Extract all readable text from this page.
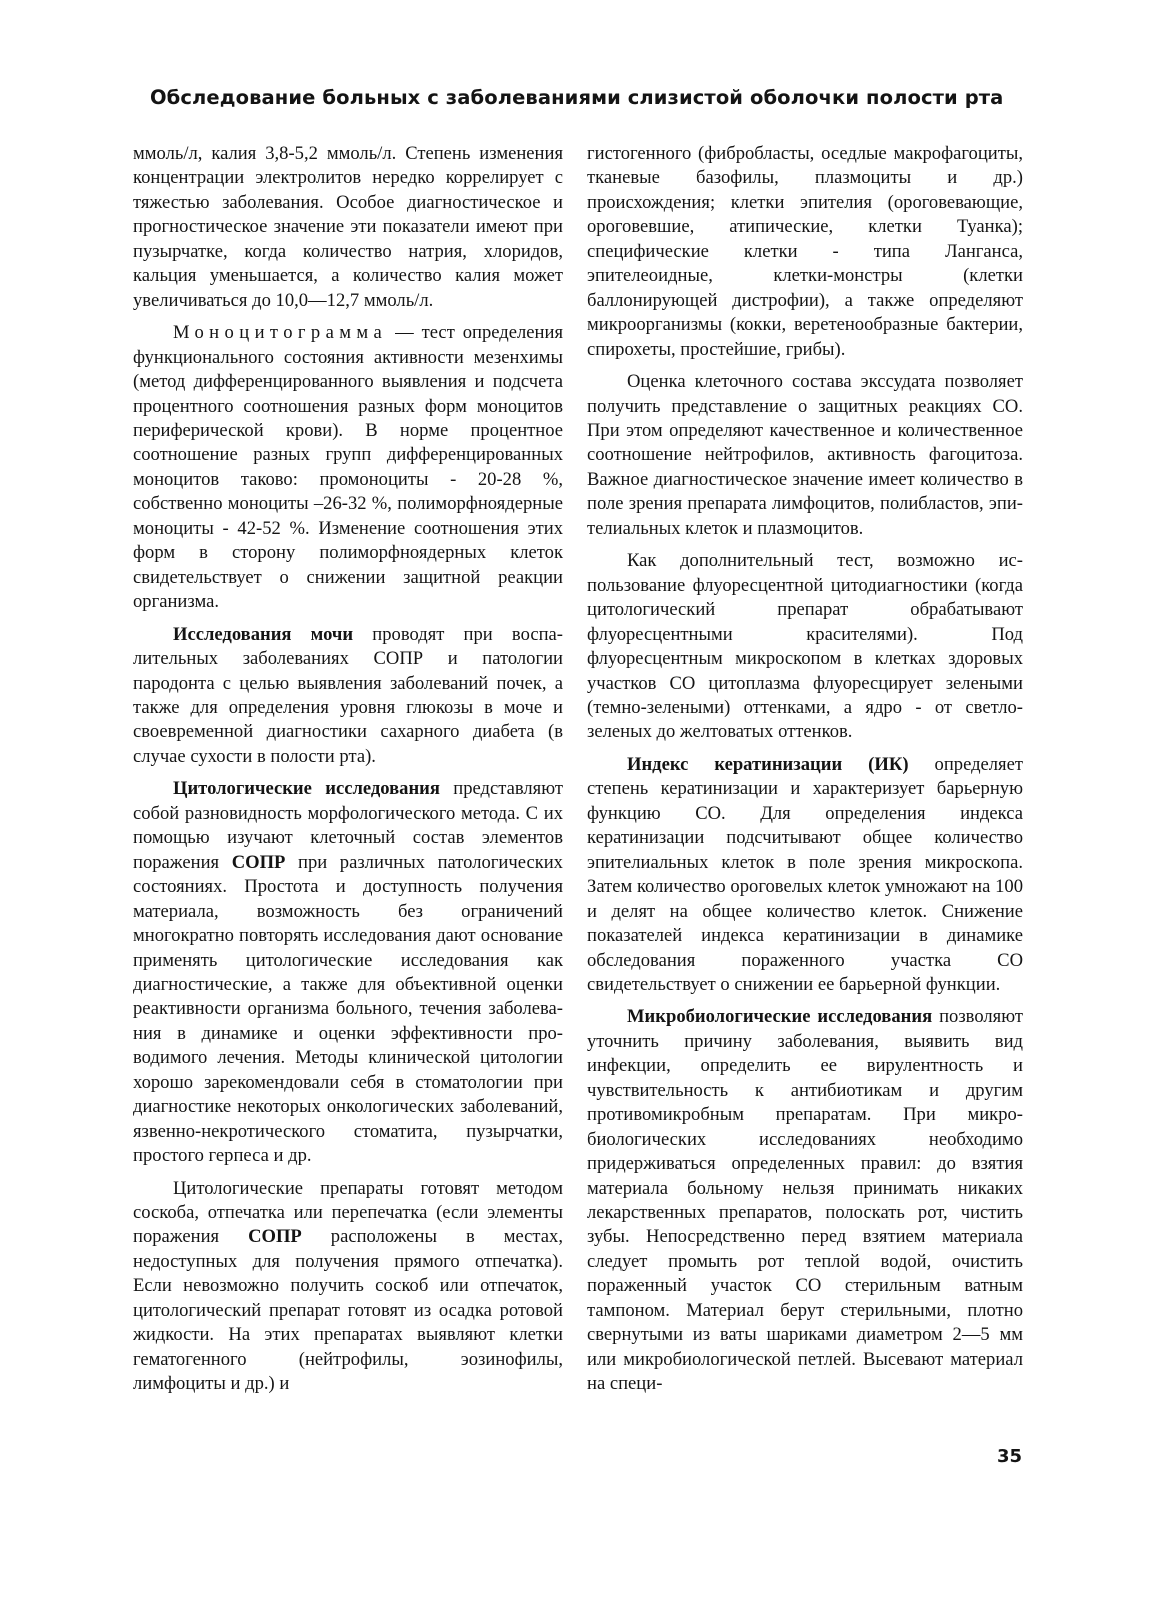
Обследование больных с заболеваниями слизистой оболочки полости рта

ммоль/л, калия 3,8-5,2 ммоль/л. Степень изменения концентрации электролитов нередко коррелирует с тяжестью заболевания. Особое диагностическое и прогностическое значение эти показатели имеют при пузырчатке, когда количество натрия, хлоридов, кальция уменьшается, а количество калия может увеличиваться до 10,0—12,7 ммоль/л.

Моноцитограмма — тест определения функционального состояния активности мезенхимы (метод дифференцированного выявления и подсчета процентного соотношения разных форм моноцитов периферической крови). В норме процентное соотношение разных групп дифференцированных моноцитов таково: промоноциты - 20-28 %, собственно моноциты –26-32 %, полиморфноядерные моноциты - 42-52 %. Изменение соотношения этих форм в сторону полиморфноядерных клеток свидетельствует о снижении защитной реакции организма.

Исследования мочи проводят при воспалительных заболеваниях СОПР и патологии пародонта с целью выявления заболеваний почек, а также для определения уровня глюкозы в моче и своевременной диагностики сахарного диабета (в случае сухости в полости рта).

Цитологические исследования представляют собой разновидность морфологического метода. С их помощью изучают клеточный состав элементов поражения СОПР при различных патологических состояниях. Простота и доступность получения материала, возможность без ограничений многократно повторять исследования дают основание применять цитологические исследования как диагностические, а также для объективной оценки реактивности организма больного, течения заболевания в динамике и оценки эффективности проводимого лечения. Методы клинической цитологии хорошо зарекомендовали себя в стоматологии при диагностике некоторых онкологических заболеваний, язвенно-некротического стоматита, пузырчатки, простого герпеса и др.

Цитологические препараты готовят методом соскоба, отпечатка или перепечатка (если элементы поражения СОПР расположены в местах, недоступных для получения прямого отпечатка). Если невозможно получить соскоб или отпечаток, цитологический препарат готовят из осадка ротовой жидкости. На этих препаратах выявляют клетки гематогенного (нейтрофилы, эозинофилы, лимфоциты и др.) и

гистогенного (фибробласты, оседлые макрофагоциты, тканевые базофилы, плазмоциты и др.) происхождения; клетки эпителия (ороговевающие, ороговевшие, атипические, клетки Туанка); специфические клетки - типа Ланганса, эпителеоидные, клетки-монстры (клетки баллонирующей дистрофии), а также определяют микроорганизмы (кокки, веретенообразные бактерии, спирохеты, простейшие, грибы).

Оценка клеточного состава экссудата позволяет получить представление о защитных реакциях СО. При этом определяют качественное и количественное соотношение нейтрофилов, активность фагоцитоза. Важное диагностическое значение имеет количество в поле зрения препарата лимфоцитов, полибластов, эпителиальных клеток и плазмоцитов.

Как дополнительный тест, возможно использование флуоресцентной цитодиагностики (когда цитологический препарат обрабатывают флуоресцентными красителями). Под флуоресцентным микроскопом в клетках здоровых участков СО цитоплазма флуоресцирует зелеными (темно-зелеными) оттенками, а ядро - от светло-зеленых до желтоватых оттенков.

Индекс кератинизации (ИК) определяет степень кератинизации и характеризует барьерную функцию СО. Для определения индекса кератинизации подсчитывают общее количество эпителиальных клеток в поле зрения микроскопа. Затем количество ороговелых клеток умножают на 100 и делят на общее количество клеток. Снижение показателей индекса кератинизации в динамике обследования пораженного участка СО свидетельствует о снижении ее барьерной функции.

Микробиологические исследования позволяют уточнить причину заболевания, выявить вид инфекции, определить ее вирулентность и чувствительность к антибиотикам и другим противомикробным препаратам. При микробиологических исследованиях необходимо придерживаться определенных правил: до взятия материала больному нельзя принимать никаких лекарственных препаратов, полоскать рот, чистить зубы. Непосредственно перед взятием материала следует промыть рот теплой водой, очистить пораженный участок СО стерильным ватным тампоном. Материал берут стерильными, плотно свернутыми из ваты шариками диаметром 2—5 мм или микробиологической петлей. Высевают материал на специ-

35
